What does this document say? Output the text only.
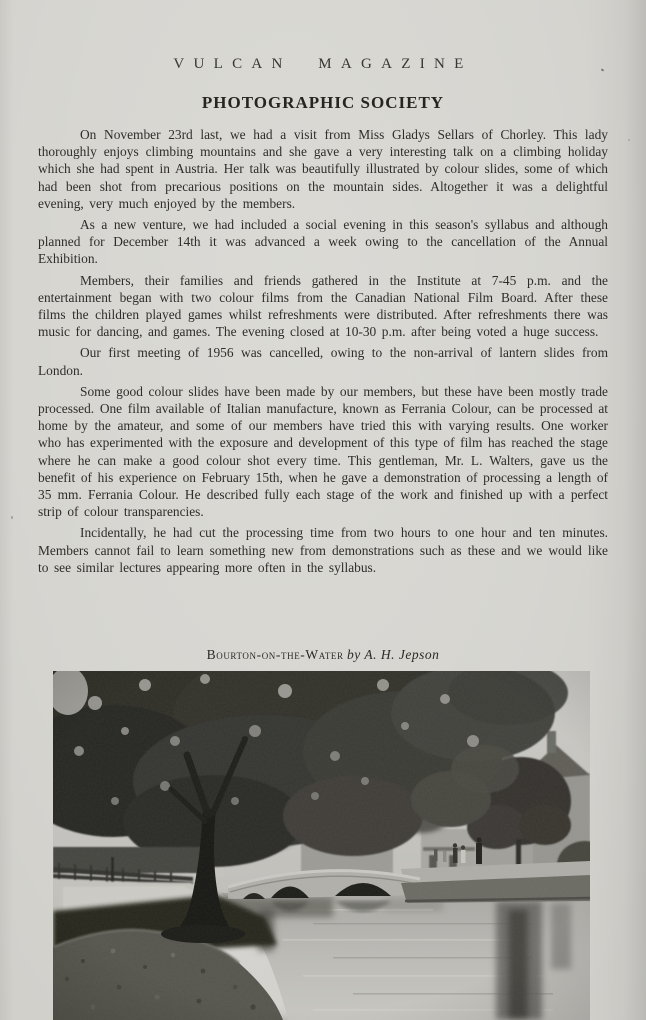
VULCAN MAGAZINE
PHOTOGRAPHIC SOCIETY

On November 23rd last, we had a visit from Miss Gladys Sellars of Chorley. This lady thoroughly enjoys climbing mountains and she gave a very interesting talk on a climbing holiday which she had spent in Austria. Her talk was beautifully illustrated by colour slides, some of which had been shot from precarious positions on the mountain sides. Altogether it was a delightful evening, very much enjoyed by the members.

As a new venture, we had included a social evening in this season's syllabus and although planned for December 14th it was advanced a week owing to the cancellation of the Annual Exhibition.

Members, their families and friends gathered in the Institute at 7-45 p.m. and the entertainment began with two colour films from the Canadian National Film Board. After these films the children played games whilst refreshments were distributed. After refreshments there was music for dancing, and games. The evening closed at 10-30 p.m. after being voted a huge success.

Our first meeting of 1956 was cancelled, owing to the non-arrival of lantern slides from London.

Some good colour slides have been made by our members, but these have been mostly trade processed. One film available of Italian manufacture, known as Ferrania Colour, can be processed at home by the amateur, and some of our members have tried this with varying results. One worker who has experimented with the exposure and development of this type of film has reached the stage where he can make a good colour shot every time. This gentleman, Mr. L. Walters, gave us the benefit of his experience on February 15th, when he gave a demonstration of processing a length of 35 mm. Ferrania Colour. He described fully each stage of the work and finished up with a perfect strip of colour transparencies.

Incidentally, he had cut the processing time from two hours to one hour and ten minutes. Members cannot fail to learn something new from demonstrations such as these and we would like to see similar lectures appearing more often in the syllabus.

Bourton-on-the-Water by A. H. Jepson
